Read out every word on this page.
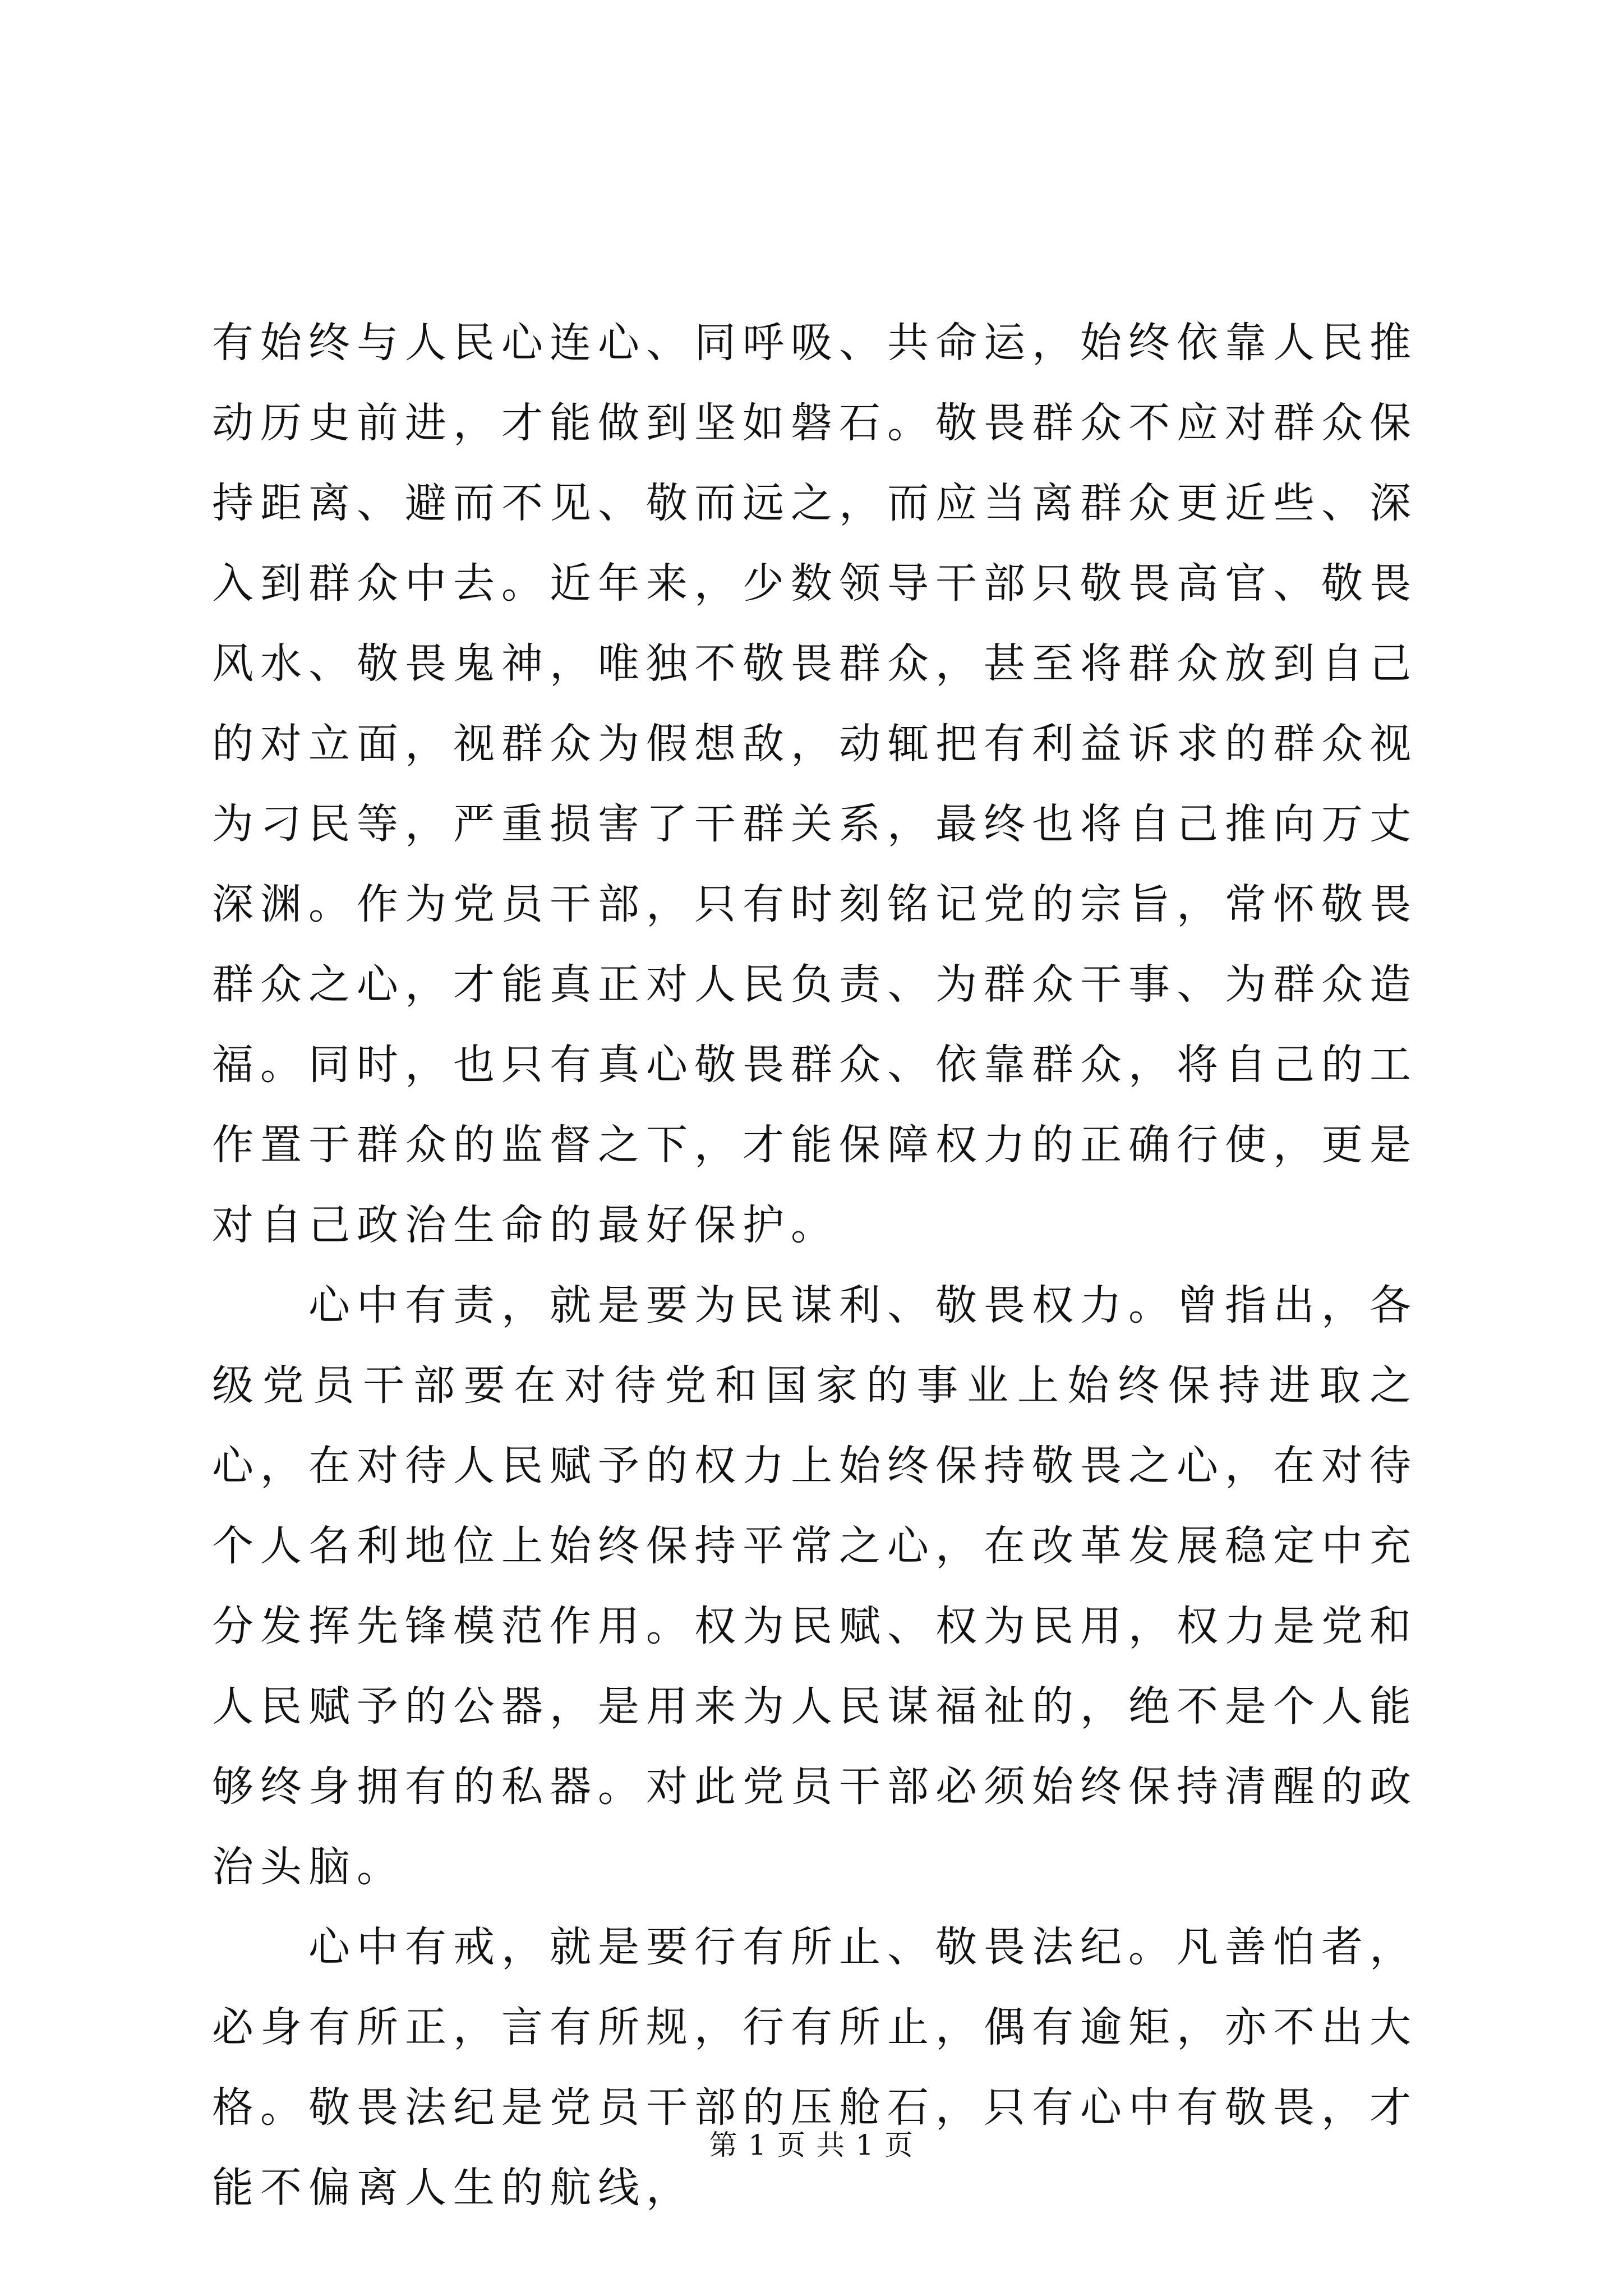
有始终与人民心连心、同呼吸、共命运，始终依靠人民推动历史前进，才能做到坚如磐石。敬畏群众不应对群众保持距离、避而不见、敬而远之，而应当离群众更近些、深入到群众中去。近年来，少数领导干部只敬畏高官、敬畏风水、敬畏鬼神，唯独不敬畏群众，甚至将群众放到自己的对立面，视群众为假想敌，动辄把有利益诉求的群众视为刁民等，严重损害了干群关系，最终也将自己推向万丈深渊。作为党员干部，只有时刻铭记党的宗旨，常怀敬畏群众之心，才能真正对人民负责、为群众干事、为群众造福。同时，也只有真心敬畏群众、依靠群众，将自己的工作置于群众的监督之下，才能保障权力的正确行使，更是对自己政治生命的最好保护。

心中有责，就是要为民谋利、敬畏权力。曾指出，各级党员干部要在对待党和国家的事业上始终保持进取之心，在对待人民赋予的权力上始终保持敬畏之心，在对待个人名利地位上始终保持平常之心，在改革发展稳定中充分发挥先锋模范作用。权为民赋、权为民用，权力是党和人民赋予的公器，是用来为人民谋福祉的，绝不是个人能够终身拥有的私器。对此党员干部必须始终保持清醒的政治头脑。

心中有戒，就是要行有所止、敬畏法纪。凡善怕者，必身有所正，言有所规，行有所止，偶有逾矩，亦不出大格。敬畏法纪是党员干部的压舱石，只有心中有敬畏，才能不偏离人生的航线，

第 1 页 共 1 页
